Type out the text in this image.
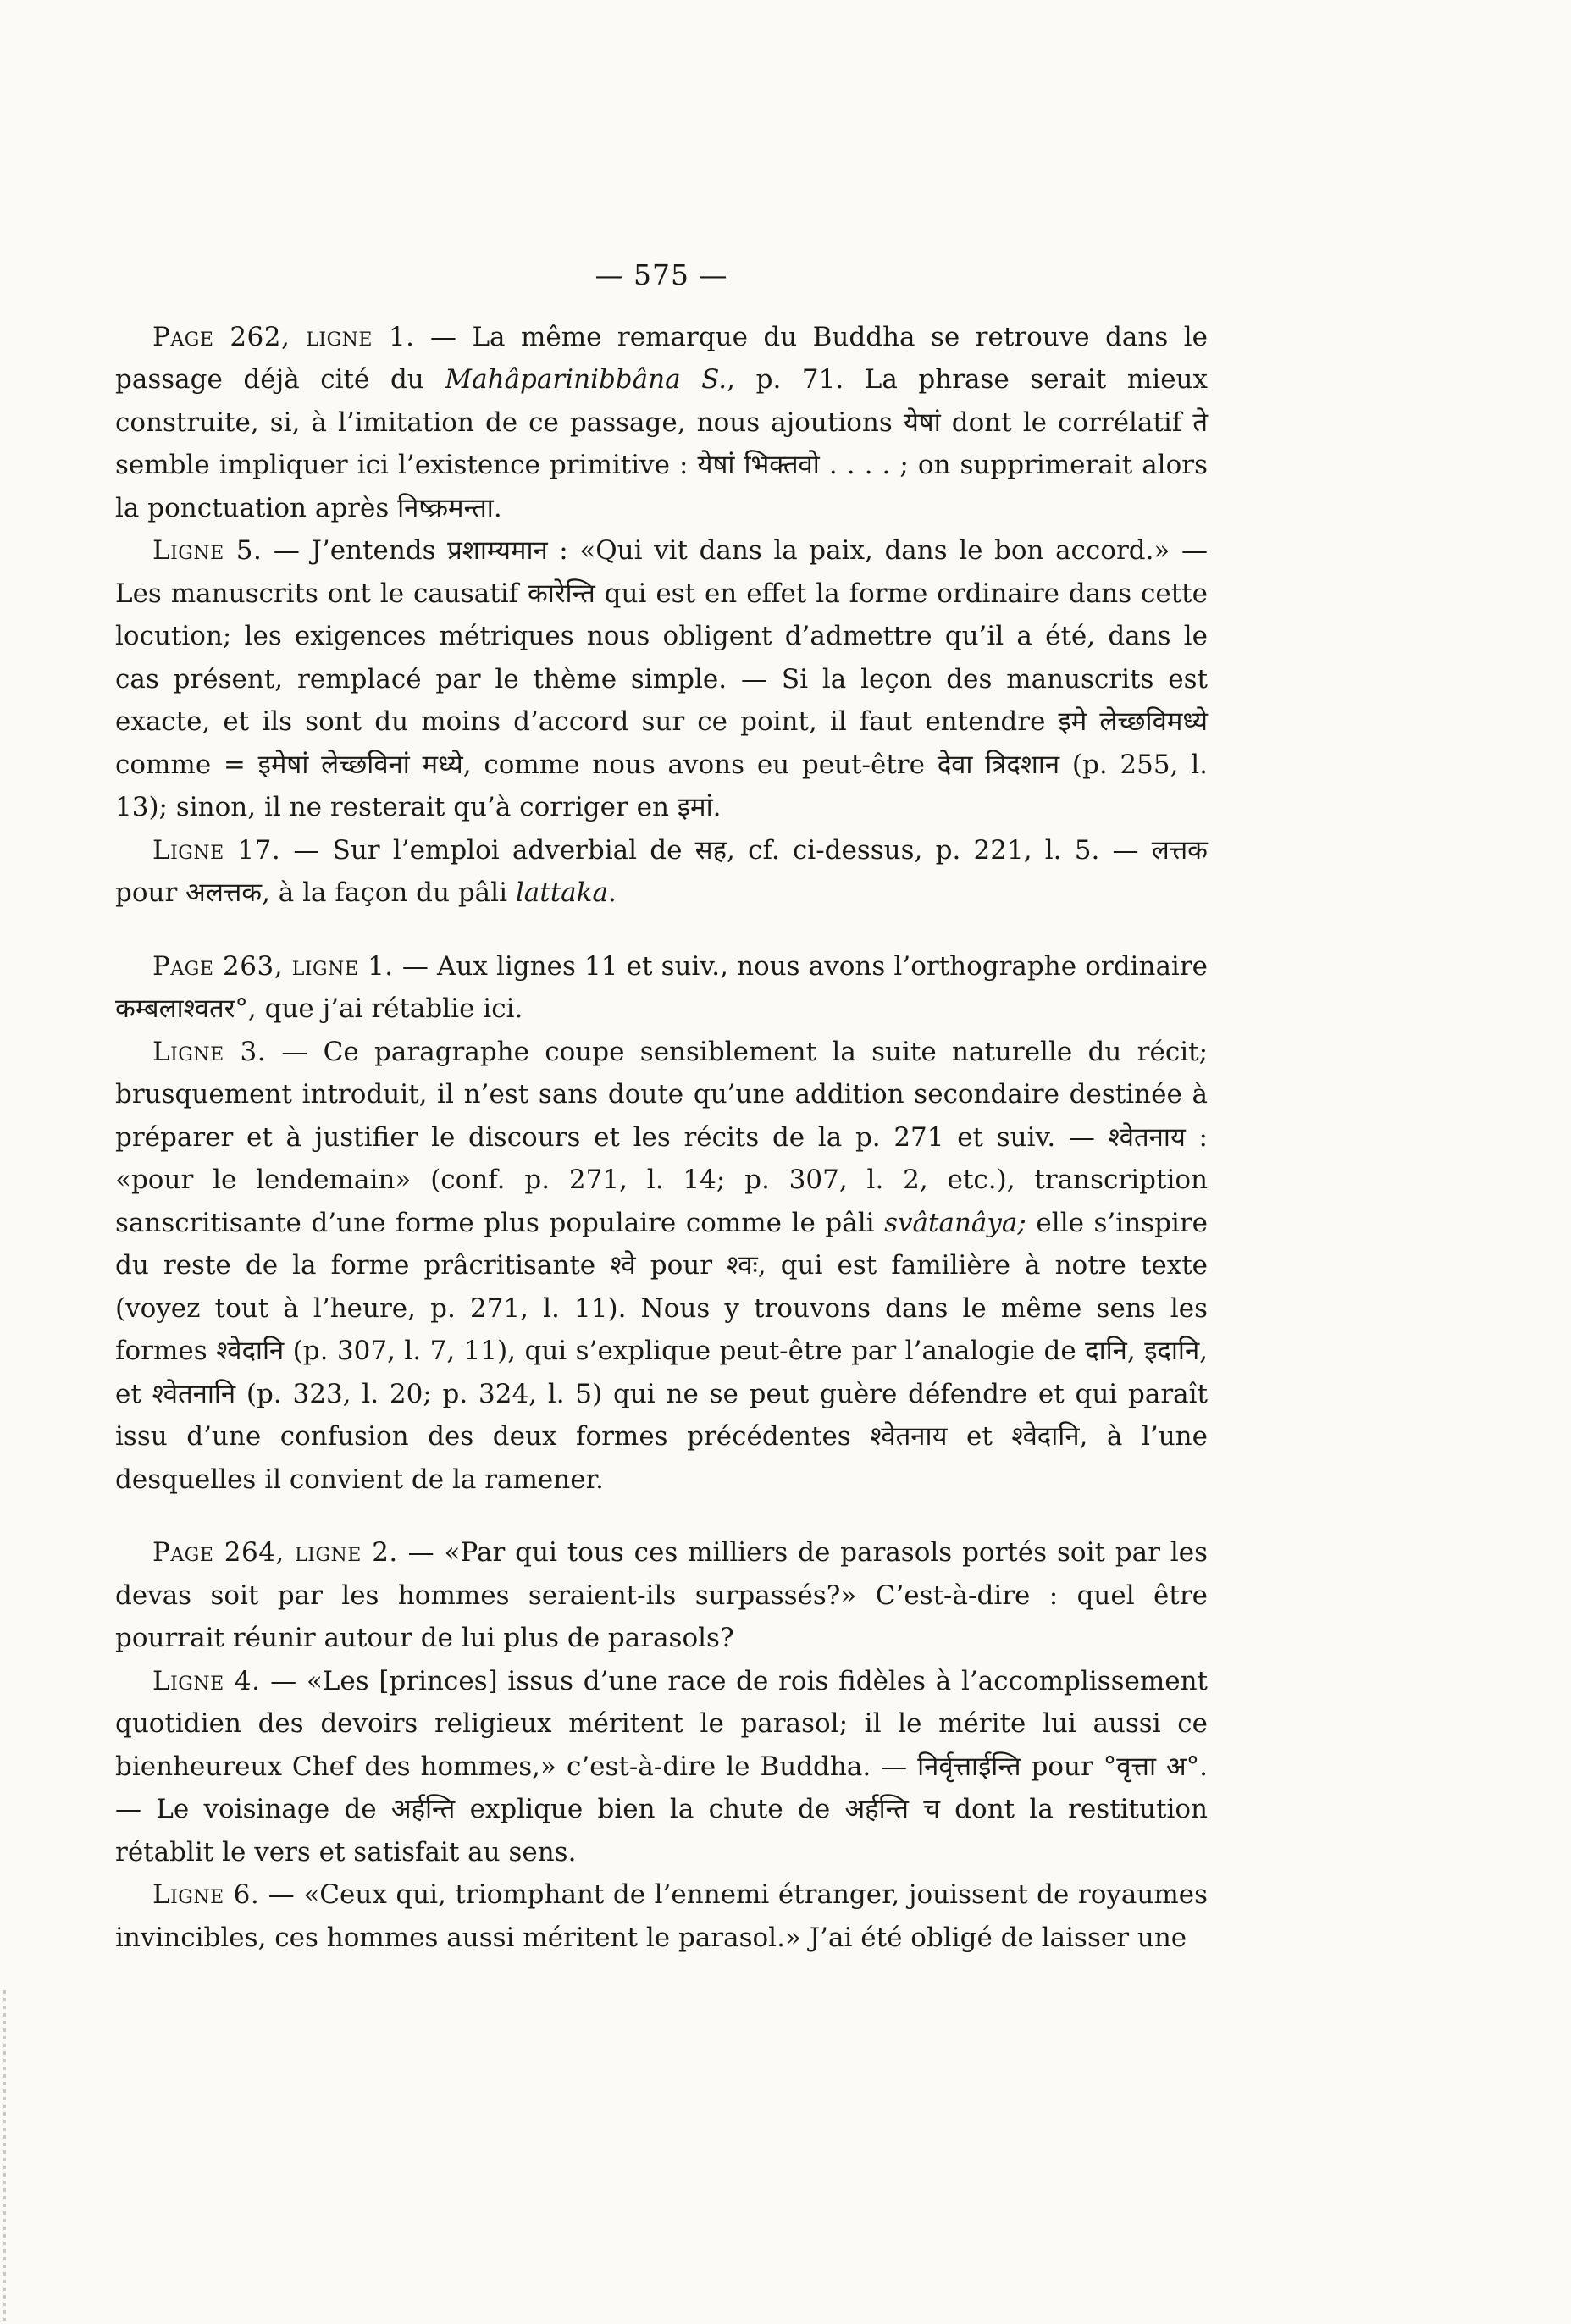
— 575 —

Page 262, ligne 1. — La même remarque du Buddha se retrouve dans le passage déjà cité du Mahâparinibbâna S., p. 71. La phrase serait mieux construite, si, à l’imitation de ce passage, nous ajoutions येषां dont le corrélatif ते semble impliquer ici l’existence primitive : येषां भिक्तवो . . . . ; on supprimerait alors la ponctuation après निष्क्रमन्ता.

Ligne 5. — J’entends प्रशाम्यमान : «Qui vit dans la paix, dans le bon accord.» — Les manuscrits ont le causatif कारेन्ति qui est en effet la forme ordinaire dans cette locution; les exigences métriques nous obligent d’admettre qu’il a été, dans le cas présent, remplacé par le thème simple. — Si la leçon des manuscrits est exacte, et ils sont du moins d’accord sur ce point, il faut entendre इमे लेच्छविमध्ये comme = इमेषां लेच्छविनां मध्ये, comme nous avons eu peut-être देवा त्रिदशान (p. 255, l. 13); sinon, il ne resterait qu’à corriger en इमां.

Ligne 17. — Sur l’emploi adverbial de सह, cf. ci-dessus, p. 221, l. 5. — लत्तक pour अलत्तक, à la façon du pâli lattaka.

Page 263, ligne 1. — Aux lignes 11 et suiv., nous avons l’orthographe ordinaire कम्बलाश्वतर°, que j’ai rétablie ici.

Ligne 3. — Ce paragraphe coupe sensiblement la suite naturelle du récit; brusquement introduit, il n’est sans doute qu’une addition secondaire destinée à préparer et à justifier le discours et les récits de la p. 271 et suiv. — श्वेतनाय : «pour le lendemain» (conf. p. 271, l. 14; p. 307, l. 2, etc.), transcription sanscritisante d’une forme plus populaire comme le pâli svâtanâya; elle s’inspire du reste de la forme prâcritisante श्वे pour श्वः, qui est familière à notre texte (voyez tout à l’heure, p. 271, l. 11). Nous y trouvons dans le même sens les formes श्वेदानि (p. 307, l. 7, 11), qui s’explique peut-être par l’analogie de दानि, इदानि, et श्वेतनानि (p. 323, l. 20; p. 324, l. 5) qui ne se peut guère défendre et qui paraît issu d’une confusion des deux formes précédentes श्वेतनाय et श्वेदानि, à l’une desquelles il convient de la ramener.

Page 264, ligne 2. — «Par qui tous ces milliers de parasols portés soit par les devas soit par les hommes seraient-ils surpassés?» C’est-à-dire : quel être pourrait réunir autour de lui plus de parasols?

Ligne 4. — «Les [princes] issus d’une race de rois fidèles à l’accomplissement quotidien des devoirs religieux méritent le parasol; il le mérite lui aussi ce bienheureux Chef des hommes,» c’est-à-dire le Buddha. — निर्वृत्ताईन्ति pour °वृत्ता अ°. — Le voisinage de अर्हन्ति explique bien la chute de अर्हन्ति च dont la restitution rétablit le vers et satisfait au sens.

Ligne 6. — «Ceux qui, triomphant de l’ennemi étranger, jouissent de royaumes invincibles, ces hommes aussi méritent le parasol.» J’ai été obligé de laisser une
